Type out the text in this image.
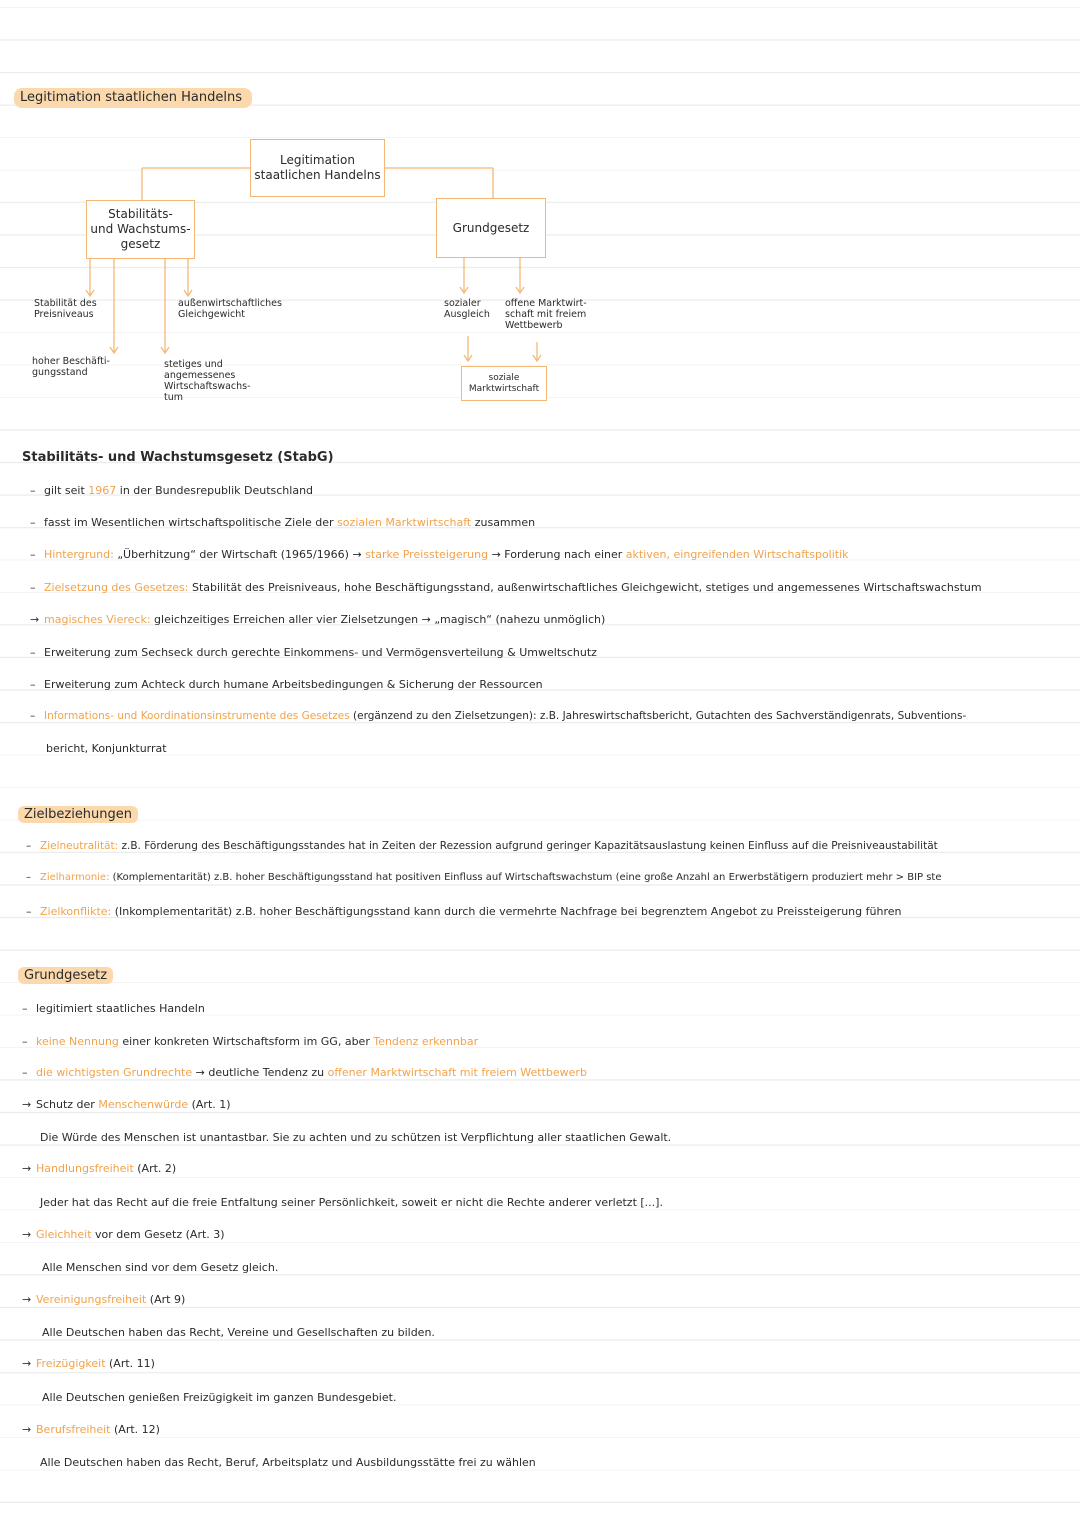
Legitimation staatlichen Handelns
Legitimation
staatlichen Handelns
Stabilitäts-
und Wachstums-
gesetz
Grundgesetz
Stabilität des
Preisniveaus
außenwirtschaftliches
Gleichgewicht
hoher Beschäfti-
gungsstand
stetiges und
angemessenes
Wirtschaftswachs-
tum
sozialer
Ausgleich
offene Marktwirt-
schaft mit freiem
Wettbewerb
soziale
Marktwirtschaft
Stabilitäts- und Wachstumsgesetz (StabG)
– gilt seit 1967 in der Bundesrepublik Deutschland
– fasst im Wesentlichen wirtschaftspolitische Ziele der sozialen Marktwirtschaft zusammen
– Hintergrund: „Überhitzung“ der Wirtschaft (1965/1966) → starke Preissteigerung → Forderung nach einer aktiven, eingreifenden Wirtschaftspolitik
– Zielsetzung des Gesetzes: Stabilität des Preisniveaus, hohe Beschäftigungsstand, außenwirtschaftliches Gleichgewicht, stetiges und angemessenes Wirtschaftswachstum
→ magisches Viereck: gleichzeitiges Erreichen aller vier Zielsetzungen → „magisch“ (nahezu unmöglich)
– Erweiterung zum Sechseck durch gerechte Einkommens- und Vermögensverteilung & Umweltschutz
– Erweiterung zum Achteck durch humane Arbeitsbedingungen & Sicherung der Ressourcen
– Informations- und Koordinationsinstrumente des Gesetzes (ergänzend zu den Zielsetzungen): z.B. Jahreswirtschaftsbericht, Gutachten des Sachverständigenrats, Subventions-
bericht, Konjunkturrat
Zielbeziehungen
– Zielneutralität: z.B. Förderung des Beschäftigungsstandes hat in Zeiten der Rezession aufgrund geringer Kapazitätsauslastung keinen Einfluss auf die Preisniveaustabilität
– Zielharmonie: (Komplementarität) z.B. hoher Beschäftigungsstand hat positiven Einfluss auf Wirtschaftswachstum (eine große Anzahl an Erwerbstätigern produziert mehr > BIP ste
– Zielkonflikte: (Inkomplementarität) z.B. hoher Beschäftigungsstand kann durch die vermehrte Nachfrage bei begrenztem Angebot zu Preissteigerung führen
Grundgesetz
– legitimiert staatliches Handeln
– keine Nennung einer konkreten Wirtschaftsform im GG, aber Tendenz erkennbar
– die wichtigsten Grundrechte → deutliche Tendenz zu offener Marktwirtschaft mit freiem Wettbewerb
→ Schutz der Menschenwürde (Art. 1)
Die Würde des Menschen ist unantastbar. Sie zu achten und zu schützen ist Verpflichtung aller staatlichen Gewalt.
→ Handlungsfreiheit (Art. 2)
Jeder hat das Recht auf die freie Entfaltung seiner Persönlichkeit, soweit er nicht die Rechte anderer verletzt [...].
→ Gleichheit vor dem Gesetz (Art. 3)
Alle Menschen sind vor dem Gesetz gleich.
→ Vereinigungsfreiheit (Art 9)
Alle Deutschen haben das Recht, Vereine und Gesellschaften zu bilden.
→ Freizügigkeit (Art. 11)
Alle Deutschen genießen Freizügigkeit im ganzen Bundesgebiet.
→ Berufsfreiheit (Art. 12)
Alle Deutschen haben das Recht, Beruf, Arbeitsplatz und Ausbildungsstätte frei zu wählen
